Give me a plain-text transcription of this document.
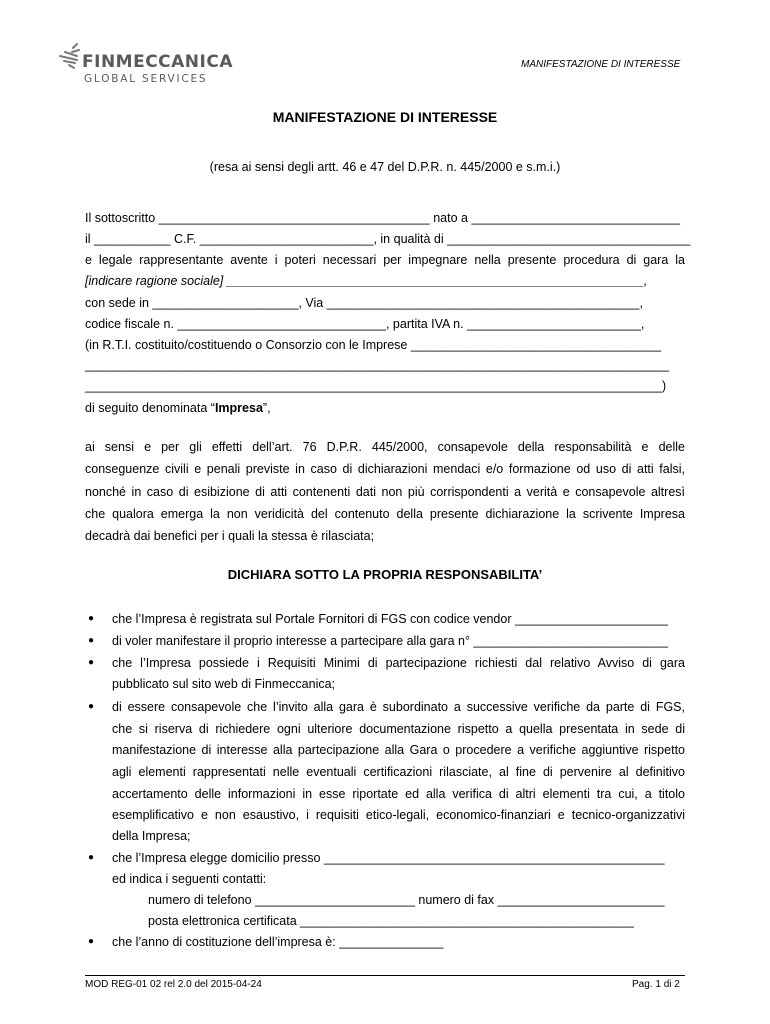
FINMECCANICA
GLOBAL SERVICES
MANIFESTAZIONE DI INTERESSE
MANIFESTAZIONE DI INTERESSE
(resa ai sensi degli artt. 46 e 47 del D.P.R. n. 445/2000 e s.m.i.)
Il sottoscritto _______________________________________ nato a ______________________________
il ___________ C.F. _________________________, in qualità di ___________________________________
e legale rappresentante avente i poteri necessari per impegnare nella presente procedura di gara la
[indicare ragione sociale] ____________________________________________________________,
con sede in _____________________, Via _____________________________________________,
codice fiscale n. ______________________________, partita IVA n. _________________________,
(in R.T.I. costituito/costituendo o Consorzio con le Imprese ____________________________________
____________________________________________________________________________________
___________________________________________________________________________________)
di seguito denominata “Impresa”,
ai sensi e per gli effetti dell’art. 76 D.P.R. 445/2000, consapevole della responsabilità e delle
conseguenze civili e penali previste in caso di dichiarazioni mendaci e/o formazione od uso di atti falsi,
nonché in caso di esibizione di atti contenenti dati non più corrispondenti a verità e consapevole altresì
che qualora emerga la non veridicità del contenuto della presente dichiarazione la scrivente Impresa
decadrà dai benefici per i quali la stessa è rilasciata;
DICHIARA SOTTO LA PROPRIA RESPONSABILITA’
● che l’Impresa è registrata sul Portale Fornitori di FGS con codice vendor ______________________
● di voler manifestare il proprio interesse a partecipare alla gara n° ____________________________
● che l’Impresa possiede i Requisiti Minimi di partecipazione richiesti dal relativo Avviso di gara
pubblicato sul sito web di Finmeccanica;
● di essere consapevole che l’invito alla gara è subordinato a successive verifiche da parte di FGS,
che si riserva di richiedere ogni ulteriore documentazione rispetto a quella presentata in sede di
manifestazione di interesse alla partecipazione alla Gara o procedere a verifiche aggiuntive rispetto
agli elementi rappresentati nelle eventuali certificazioni rilasciate, al fine di pervenire al definitivo
accertamento delle informazioni in esse riportate ed alla verifica di altri elementi tra cui, a titolo
esemplificativo e non esaustivo, i requisiti etico-legali, economico-finanziari e tecnico-organizzativi
della Impresa;
● che l’Impresa elegge domicilio presso _________________________________________________
ed indica i seguenti contatti:
numero di telefono _______________________ numero di fax ________________________
posta elettronica certificata ________________________________________________
● che l’anno di costituzione dell’impresa è: _______________
MOD REG-01 02 rel 2.0 del 2015-04-24	Pag. 1 di 2
